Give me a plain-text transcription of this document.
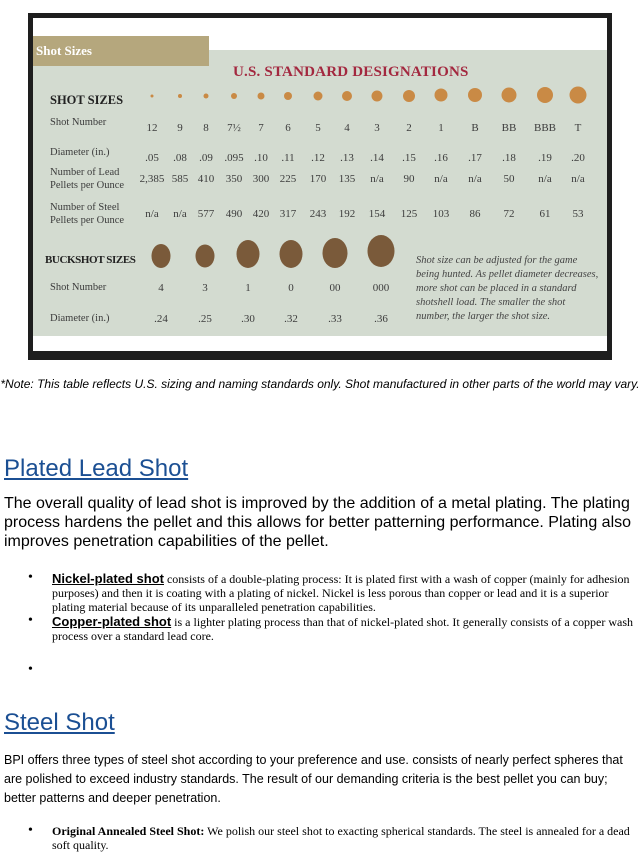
Shot Sizes
U.S. STANDARD DESIGNATIONS
SHOT SIZES
Shot Number
Diameter (in.)
Number of Lead Pellets per Ounce
Number of Steel Pellets per Ounce
12 9 8 7½ 7 6 5 4 3 2 1	B BB BBB T
.05 .08 .09 .095 .10 .11 .12 .13 .14 .15 .16 .17 .18 .19 .20
2,385 585 410 350 300 225 170 135 n/a 90 n/a n/a 50 n/a n/a
n/a n/a 577 490 420 317 243 192 154 125 103 86 72 61 53
BUCKSHOT SIZES
Shot Number
Diameter (in.)
4
.24
3
.25
1
.30
0
.32
00
.33
000
.36
Shot size can be adjusted for the game being hunted. As pellet diameter decreases, more shot can be placed in a standard shotshell load. The smaller the shot number, the larger the shot size.
*Note: This table reflects U.S. sizing and naming standards only. Shot manufactured in other parts of the world may vary.
Plated Lead Shot
The overall quality of lead shot is improved by the addition of a metal plating. The plating process hardens the pellet and this allows for better patterning performance. Plating also improves penetration capabilities of the pellet.
• Nickel-plated shot consists of a double-plating process: It is plated first with a wash of copper (mainly for adhesion purposes) and then it is coating with a plating of nickel. Nickel is less porous than copper or lead and it is a superior plating material because of its unparalleled penetration capabilities.
• Copper-plated shot is a lighter plating process than that of nickel-plated shot. It generally consists of a copper wash process over a standard lead core.
•
Steel Shot
BPI offers three types of steel shot according to your preference and use. consists of nearly perfect spheres that are polished to exceed industry standards. The result of our demanding criteria is the best pellet you can buy; better patterns and deeper penetration.
• Original Annealed Steel Shot: We polish our steel shot to exacting spherical standards. The steel is annealed for a dead soft quality.
